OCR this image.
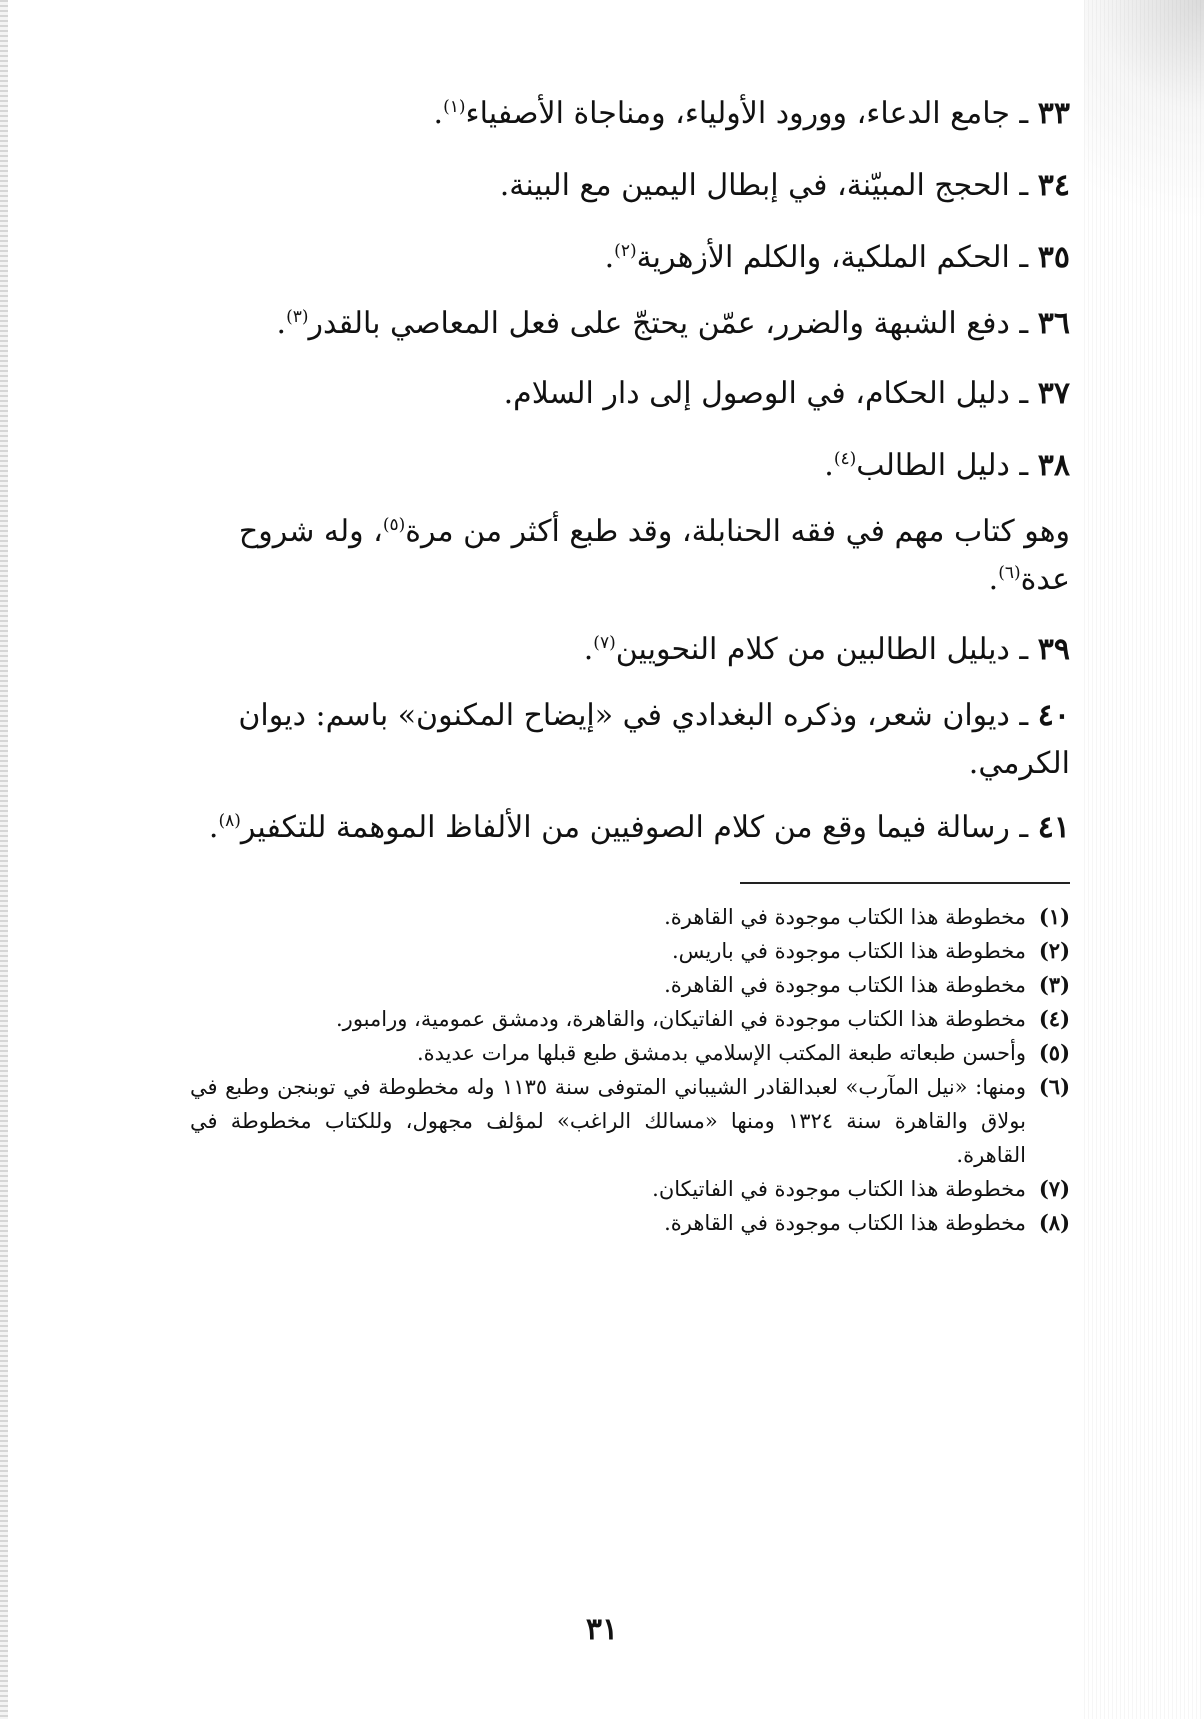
٣٣ ـ جامع الدعاء، وورود الأولياء، ومناجاة الأصفياء$^{(١)}$.

٣٤ ـ الحجج المبيّنة، في إبطال اليمين مع البينة.

٣٥ ـ الحكم الملكية، والكلم الأزهرية$^{(٢)}$.

٣٦ ـ دفع الشبهة والضرر، عمّن يحتجّ على فعل المعاصي بالقدر$^{(٣)}$.

٣٧ ـ دليل الحكام، في الوصول إلى دار السلام.

٣٨ ـ دليل الطالب$^{(٤)}$.

وهو كتاب مهم في فقه الحنابلة، وقد طبع أكثر من مرة$^{(٥)}$، وله شروح عدة$^{(٦)}$.

٣٩ ـ ديليل الطالبين من كلام النحويين$^{(٧)}$.

٤٠ ـ ديوان شعر، وذكره البغدادي في «إيضاح المكنون» باسم: ديوان الكرمي.

٤١ ـ رسالة فيما وقع من كلام الصوفيين من الألفاظ الموهمة للتكفير$^{(٨)}$.

(١)
مخطوطة هذا الكتاب موجودة في القاهرة.

(٢)
مخطوطة هذا الكتاب موجودة في باريس.

(٣)
مخطوطة هذا الكتاب موجودة في القاهرة.

(٤)
مخطوطة هذا الكتاب موجودة في الفاتيكان، والقاهرة، ودمشق عمومية، ورامبور.

(٥)
وأحسن طبعاته طبعة المكتب الإسلامي بدمشق طبع قبلها مرات عديدة.

(٦)
ومنها: «نيل المآرب» لعبدالقادر الشيباني المتوفى سنة ١١٣٥ وله مخطوطة في توبنجن وطبع في بولاق والقاهرة سنة ١٣٢٤ ومنها «مسالك الراغب» لمؤلف مجهول، وللكتاب مخطوطة في القاهرة.

(٧)
مخطوطة هذا الكتاب موجودة في الفاتيكان.

(٨)
مخطوطة هذا الكتاب موجودة في القاهرة.

٣١
